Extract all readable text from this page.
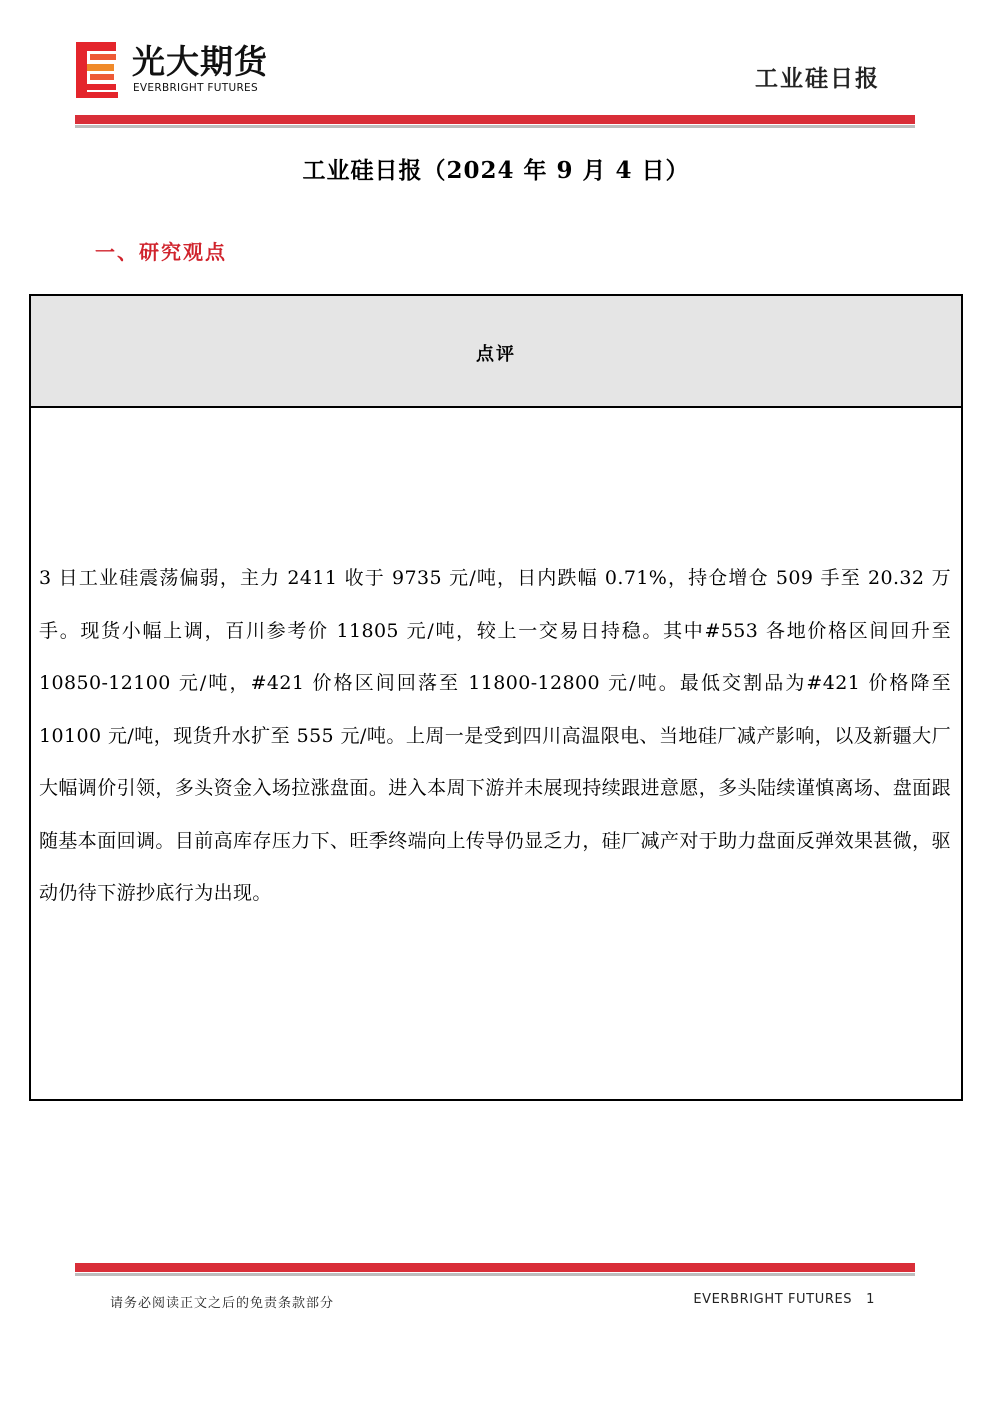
光大期货
EVERBRIGHT FUTURES	工业硅日报
工业硅日报（2024 年 9 月 4 日）
一、研究观点
点评
3 日工业硅震荡偏弱，主力 2411 收于 9735 元/吨，日内跌幅 0.71%，持仓增仓 509 手至 20.32 万手。现货小幅上调，百川参考价 11805 元/吨，较上一交易日持稳。其中#553 各地价格区间回升至 10850-12100 元/吨，#421 价格区间回落至 11800-12800 元/吨。最低交割品为#421 价格降至 10100 元/吨，现货升水扩至 555 元/吨。上周一是受到四川高温限电、当地硅厂减产影响，以及新疆大厂大幅调价引领，多头资金入场拉涨盘面。进入本周下游并未展现持续跟进意愿，多头陆续谨慎离场、盘面跟随基本面回调。目前高库存压力下、旺季终端向上传导仍显乏力，硅厂减产对于助力盘面反弹效果甚微，驱动仍待下游抄底行为出现。
请务必阅读正文之后的免责条款部分	EVERBRIGHT FUTURES 1
